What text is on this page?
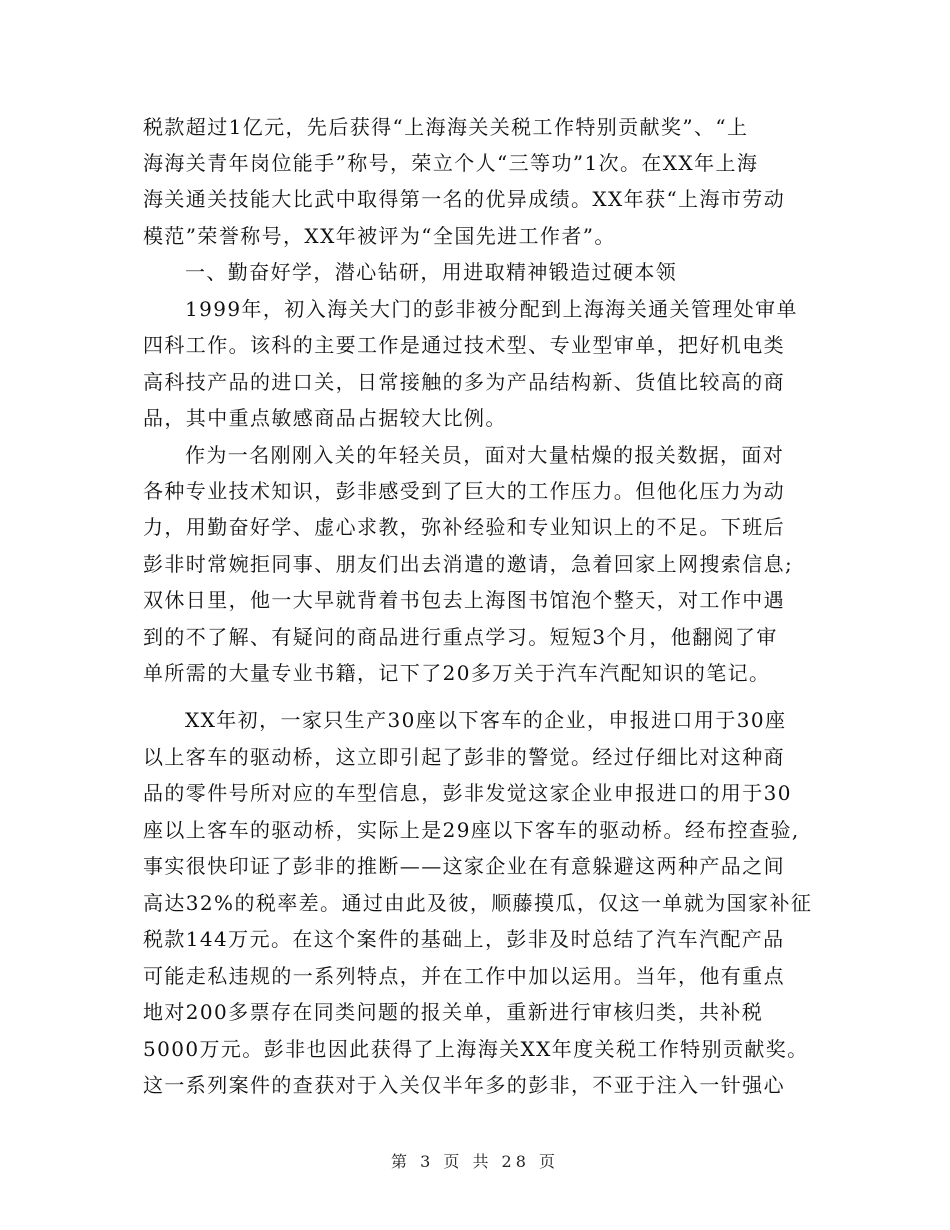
税款超过1亿元，先后获得“上海海关关税工作特别贡献奖”、“上
海海关青年岗位能手”称号，荣立个人“三等功”1次。在XX年上海
海关通关技能大比武中取得第一名的优异成绩。XX年获“上海市劳动
模范”荣誉称号，XX年被评为“全国先进工作者”。
一、勤奋好学，潜心钻研，用进取精神锻造过硬本领
1999年，初入海关大门的彭非被分配到上海海关通关管理处审单
四科工作。该科的主要工作是通过技术型、专业型审单，把好机电类
高科技产品的进口关，日常接触的多为产品结构新、货值比较高的商
品，其中重点敏感商品占据较大比例。
作为一名刚刚入关的年轻关员，面对大量枯燥的报关数据，面对
各种专业技术知识，彭非感受到了巨大的工作压力。但他化压力为动
力，用勤奋好学、虚心求教，弥补经验和专业知识上的不足。下班后
彭非时常婉拒同事、朋友们出去消遣的邀请，急着回家上网搜索信息;
双休日里，他一大早就背着书包去上海图书馆泡个整天，对工作中遇
到的不了解、有疑问的商品进行重点学习。短短3个月，他翻阅了审
单所需的大量专业书籍，记下了20多万关于汽车汽配知识的笔记。
XX年初，一家只生产30座以下客车的企业，申报进口用于30座
以上客车的驱动桥，这立即引起了彭非的警觉。经过仔细比对这种商
品的零件号所对应的车型信息，彭非发觉这家企业申报进口的用于30
座以上客车的驱动桥，实际上是29座以下客车的驱动桥。经布控查验,
事实很快印证了彭非的推断——这家企业在有意躲避这两种产品之间
高达32%的税率差。通过由此及彼，顺藤摸瓜，仅这一单就为国家补征
税款144万元。在这个案件的基础上，彭非及时总结了汽车汽配产品
可能走私违规的一系列特点，并在工作中加以运用。当年，他有重点
地对200多票存在同类问题的报关单，重新进行审核归类，共补税
5000万元。彭非也因此获得了上海海关XX年度关税工作特别贡献奖。
这一系列案件的查获对于入关仅半年多的彭非，不亚于注入一针强心
第 3 页 共 28 页
